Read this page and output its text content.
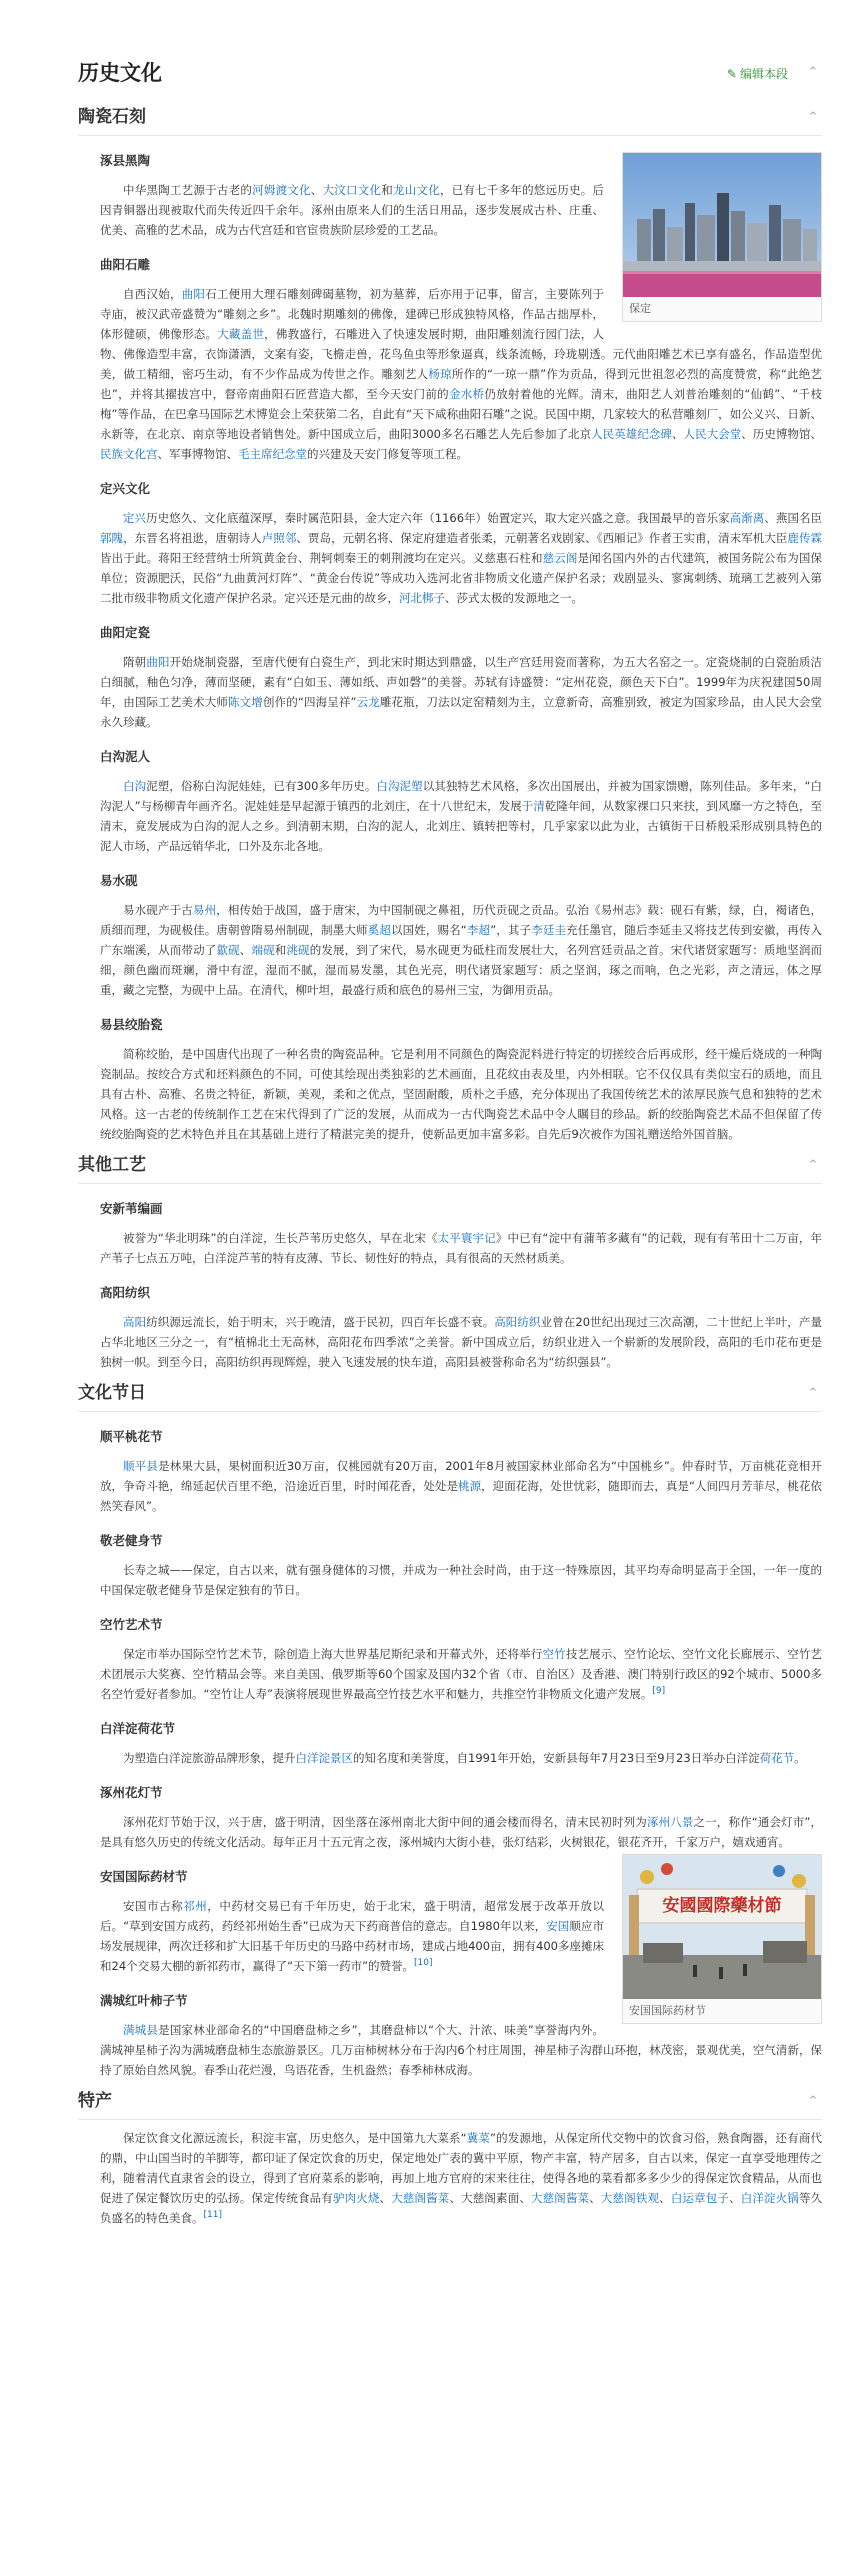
历史文化	✎ 编辑本段 ⌃
陶瓷石刻	⌃
保定
涿县黑陶

中华黑陶工艺源于古老的河姆渡文化、大汶口文化和龙山文化，已有七千多年的悠远历史。后因青铜器出现被取代而失传近四千余年。涿州由原来人们的生活日用品，逐步发展成古朴、庄重、优美、高雅的艺术品，成为古代宫廷和官宦贵族阶层珍爱的工艺品。

曲阳石雕

自西汉始，曲阳石工便用大理石雕刻碑碣墓物，初为墓葬，后亦用于记事，留言，主要陈列于寺庙，被汉武帝盛赞为“雕刻之乡”。北魏时期雕刻的佛像，建碑已形成独特风格，作品古拙厚朴，体形健硕，佛像形态。大藏盖世，佛教盛行，石雕进入了快速发展时期，曲阳雕刻流行园门法，人物、佛像造型丰富，衣饰潇洒，文案有姿，飞檐走兽，花鸟鱼虫等形象逼真，线条流畅，玲珑剔透。元代曲阳雕艺术已享有盛名，作品造型优美，做工精细，密巧生动，有不少作品成为传世之作。雕刻艺人杨琼所作的“一琼一鼎”作为贡品，得到元世祖忽必烈的高度赞赏，称“此绝艺也”，并将其擢拔宫中，督帝南曲阳石匠营造大都，至今天安门前的金水桥仍放射着他的光辉。清末，曲阳艺人刘普治雕刻的“仙鹤”、“千枝梅”等作品，在巴拿马国际艺术博览会上荣获第二名，自此有“天下咸称曲阳石雕”之说。民国中期，几家较大的私营雕刻厂，如公义兴、日新、永新等，在北京、南京等地设者销售处。新中国成立后，曲阳3000多名石雕艺人先后参加了北京人民英雄纪念碑、人民大会堂、历史博物馆、民族文化宫、军事博物馆、毛主席纪念堂的兴建及天安门修复等项工程。

定兴文化

定兴历史悠久、文化底蕴深厚，秦时属范阳县，金大定六年（1166年）始置定兴，取大定兴盛之意。我国最早的音乐家高渐离、燕国名臣郭隗，东晋名将祖逖，唐朝诗人卢照邻、贾岛，元朝名将、保定府建造者张柔，元朝著名戏剧家、《西厢记》作者王实甫，清末军机大臣鹿传霖皆出于此。蒋阳王经营纳士所筑黄金台、荆轲刺秦王的刺荆渡均在定兴。义慈惠石柱和慈云阁是闻名国内外的古代建筑，被国务院公布为国保单位；资源肥沃，民俗“九曲黄河灯阵”、“黄金台传说”等成功入选河北省非物质文化遗产保护名录；戏剧显头、寥寓刺绣、琉璃工艺被列入第二批市级非物质文化遗产保护名录。定兴还是元曲的故乡，河北梆子、莎式太极的发源地之一。

曲阳定瓷

隋朝曲阳开始烧制瓷器，至唐代便有白瓷生产，到北宋时期达到鼎盛，以生产宫廷用瓷而著称，为五大名窑之一。定瓷烧制的白瓷胎质洁白细腻，釉色匀净，薄而坚硬，素有“白如玉、薄如纸、声如磬”的美誉。苏轼有诗盛赞：“定州花瓷，颜色天下白”。1999年为庆祝建国50周年，由国际工艺美术大师陈文增创作的“四海呈祥”云龙雕花瓶，刀法以定窑精刻为主，立意新奇，高雅别致，被定为国家珍品，由人民大会堂永久珍藏。

白沟泥人

白沟泥塑，俗称白沟泥娃娃，已有300多年历史。白沟泥塑以其独特艺术风格，多次出国展出，并被为国家馈赠，陈列佳品。多年来，“白沟泥人”与杨柳青年画齐名。泥娃娃是早起源于镇西的北刘庄，在十八世纪末，发展于清乾隆年间，从数家裸口只来扶，到风靡一方之特色，至清末，竟发展成为白沟的泥人之乡。到清朝末期，白沟的泥人，北刘庄、镇转把等村，几乎家家以此为业，古镇街干日桥般采形成别具特色的泥人市场，产品远销华北，口外及东北各地。

易水砚

易水砚产于古易州，相传始于战国，盛于唐宋，为中国制砚之鼻祖，历代贡砚之贡品。弘治《易州志》载：砚石有紫，绿，白，褐诸色，质细而理，为砚极佳。唐朝曾隋易州制砚，制墨大师奚超以国姓，赐名“李超”，其子李廷圭充任墨官，随后李延圭又将技艺传到安徽，再传入广东端溪，从而带动了歙砚、端砚和洮砚的发展，到了宋代，易水砚更为砥柱而发展壮大，名列宫廷贡品之首。宋代诸贤家题写：质地坚润而细，颜色幽而斑斓，滑中有涩，湿而不腻，湿而易发墨，其色光亮，明代诸贤家题写：质之坚润，琢之而响，色之光彩，声之清远，体之厚重，藏之完整，为砚中上品。在清代，柳叶坦，最盛行质和底色的易州三宝，为御用贡品。

易县绞胎瓷

简称绞胎，是中国唐代出现了一种名贵的陶瓷品种。它是利用不同颜色的陶瓷泥料进行特定的切搓绞合后再成形，经干燥后烧成的一种陶瓷制品。按绞合方式和坯料颜色的不同，可使其绘现出类独彩的艺术画面，且花纹由表及里，内外相联。它不仅仅具有类似宝石的质地，而且具有古朴、高雅、名贵之特征，新颖，美观，柔和之优点，坚固耐酸，质朴之手感，充分体现出了我国传统艺术的浓厚民族气息和独特的艺术风格。这一古老的传统制作工艺在宋代得到了广泛的发展，从而成为一古代陶瓷艺术品中令人瞩目的珍品。新的绞胎陶瓷艺术品不但保留了传统绞胎陶瓷的艺术特色并且在其基础上进行了精湛完美的提升，使新品更加丰富多彩。自先后9次被作为国礼赠送给外国首脑。

其他工艺	⌃
安新苇编画

被誉为“华北明珠”的白洋淀，生长芦苇历史悠久，早在北宋《太平寰宇记》中已有“淀中有蒲苇多藏有”的记载，现有有苇田十二万亩，年产苇子七点五万吨，白洋淀芦苇的特有皮薄、节长、韧性好的特点，具有很高的天然材质美。

高阳纺织

高阳纺织源远流长，始于明末，兴于晚清，盛于民初，四百年长盛不衰。高阳纺织业曾在20世纪出现过三次高潮，二十世纪上半叶，产量占华北地区三分之一，有“植棉北土无高林，高阳花布四季浓”之美誉。新中国成立后，纺织业进入一个崭新的发展阶段，高阳的毛巾花布更是独树一帜。到至今日，高阳纺织再现辉煌，驶入飞速发展的快车道，高阳县被誉称命名为“纺织强县”。

文化节日	⌃
顺平桃花节

顺平县是林果大县，果树面积近30万亩，仅桃园就有20万亩，2001年8月被国家林业部命名为“中国桃乡”。仲春时节，万亩桃花竞相开放，争奇斗艳，绵延起伏百里不绝，沿途近百里，时时闻花香，处处是桃源，迎面花海，处世忧彩，随即而去，真是“人间四月芳菲尽，桃花依然笑春风”。

敬老健身节

长寿之城——保定，自古以来，就有强身健体的习惯，并成为一种社会时尚，由于这一特殊原因，其平均寿命明显高于全国，一年一度的中国保定敬老健身节是保定独有的节日。

空竹艺术节

保定市举办国际空竹艺术节，除创造上海大世界基尼斯纪录和开幕式外，还将举行空竹技艺展示、空竹论坛、空竹文化长廊展示、空竹艺术团展示大奖赛、空竹精品会等。来自美国、俄罗斯等60个国家及国内32个省（市、自治区）及香港、澳门特别行政区的92个城市、5000多名空竹爱好者参加。“空竹让人寿”表演将展现世界最高空竹技艺水平和魅力，共推空竹非物质文化遗产发展。[9]

白洋淀荷花节

为塑造白洋淀旅游品牌形象，提升白洋淀景区的知名度和美誉度，自1991年开始，安新县每年7月23日至9月23日举办白洋淀荷花节。

涿州花灯节

涿州花灯节始于汉，兴于唐，盛于明清，因坐落在涿州南北大街中间的通会楼而得名，清末民初时列为涿州八景之一，称作“通会灯市”，是具有悠久历史的传统文化活动。每年正月十五元宵之夜，涿州城内大街小巷，张灯结彩，火树银花，银花齐开，千家万户，嬉戏通宵。

安國國際藥材節
安国国际药材节
安国国际药材节

安国市古称祁州，中药材交易已有千年历史，始于北宋，盛于明清，超常发展于改革开放以后。“草到安国方成药，药经祁州始生香”已成为天下药商普信的意志。自1980年以来，安国顺应市场发展规律，两次迁移和扩大旧基千年历史的马路中药材市场，建成占地400亩，拥有400多座摊床和24个交易大棚的新祁药市，赢得了“天下第一药市”的赞誉。[10]

满城红叶柿子节

满城县是国家林业部命名的“中国磨盘柿之乡”，其磨盘柿以“个大、汁浓、味美”享誉海内外。满城神星柿子沟为满城磨盘柿生态旅游景区。几万亩柿树林分布于沟内6个村庄周围，神星柿子沟群山环抱，林茂密，景观优美，空气清新，保持了原始自然风貌。春季山花烂漫，鸟语花香，生机盎然；春季柿林成海。

特产	⌃

保定饮食文化源远流长，积淀丰富，历史悠久，是中国第九大菜系“冀菜”的发源地，从保定所代交物中的饮食习俗，熟食陶器，还有商代的鼎，中山国当时的羊脚等，都印证了保定饮食的历史，保定地处广表的冀中平原，物产丰富，特产居多，自古以来，保定一直享受地理传之利，随着清代直隶省会的设立，得到了官府菜系的影响，再加上地方官府的宋来往往，使得各地的菜看都多多少少的得保定饮食精品，从而也促进了保定餐饮历史的弘扬。保定传统食品有驴肉火烧、大慈阁酱菜、大慈阁素面、大慈阁酱菜、大慈阁铁观、白运章包子、白洋淀火锅等久负盛名的特色美食。[11]
